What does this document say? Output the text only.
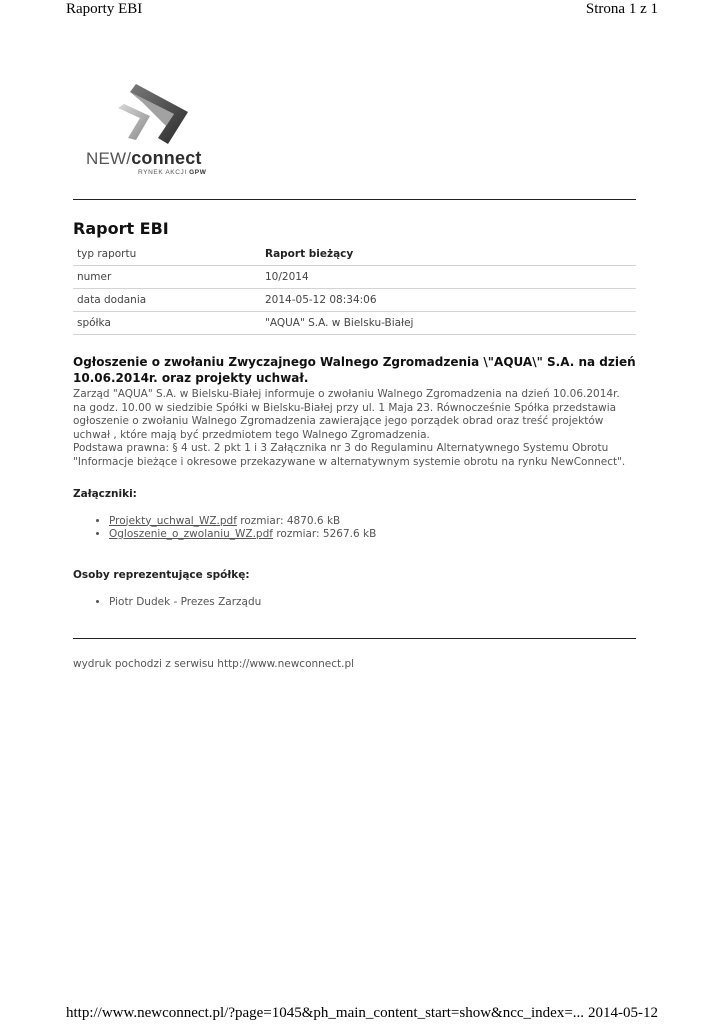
Raporty EBI	Strona 1 z 1
NEW/connect
RYNEK AKCJI GPW
Raport EBI
typ raportu	Raport bieżący
numer	10/2014
data dodania	2014-05-12 08:34:06
spółka	"AQUA" S.A. w Bielsku-Białej

Ogłoszenie o zwołaniu Zwyczajnego Walnego Zgromadzenia \"AQUA\" S.A. na dzień 10.06.2014r. oraz projekty uchwał.

Zarząd "AQUA" S.A. w Bielsku-Białej informuje o zwołaniu Walnego Zgromadzenia na dzień 10.06.2014r. na godz. 10.00 w siedzibie Spółki w Bielsku-Białej przy ul. 1 Maja 23. Równocześnie Spółka przedstawia ogłoszenie o zwołaniu Walnego Zgromadzenia zawierające jego porządek obrad oraz treść projektów uchwał , które mają być przedmiotem tego Walnego Zgromadzenia.
Podstawa prawna: § 4 ust. 2 pkt 1 i 3 Załącznika nr 3 do Regulaminu Alternatywnego Systemu Obrotu "Informacje bieżące i okresowe przekazywane w alternatywnym systemie obrotu na rynku NewConnect".

Załączniki:

• Projekty_uchwal_WZ.pdf rozmiar: 4870.6 kB
• Ogloszenie_o_zwolaniu_WZ.pdf rozmiar: 5267.6 kB

Osoby reprezentujące spółkę:

• Piotr Dudek - Prezes Zarządu
wydruk pochodzi z serwisu http://www.newconnect.pl
http://www.newconnect.pl/?page=1045&ph_main_content_start=show&ncc_index=... 2014-05-12
